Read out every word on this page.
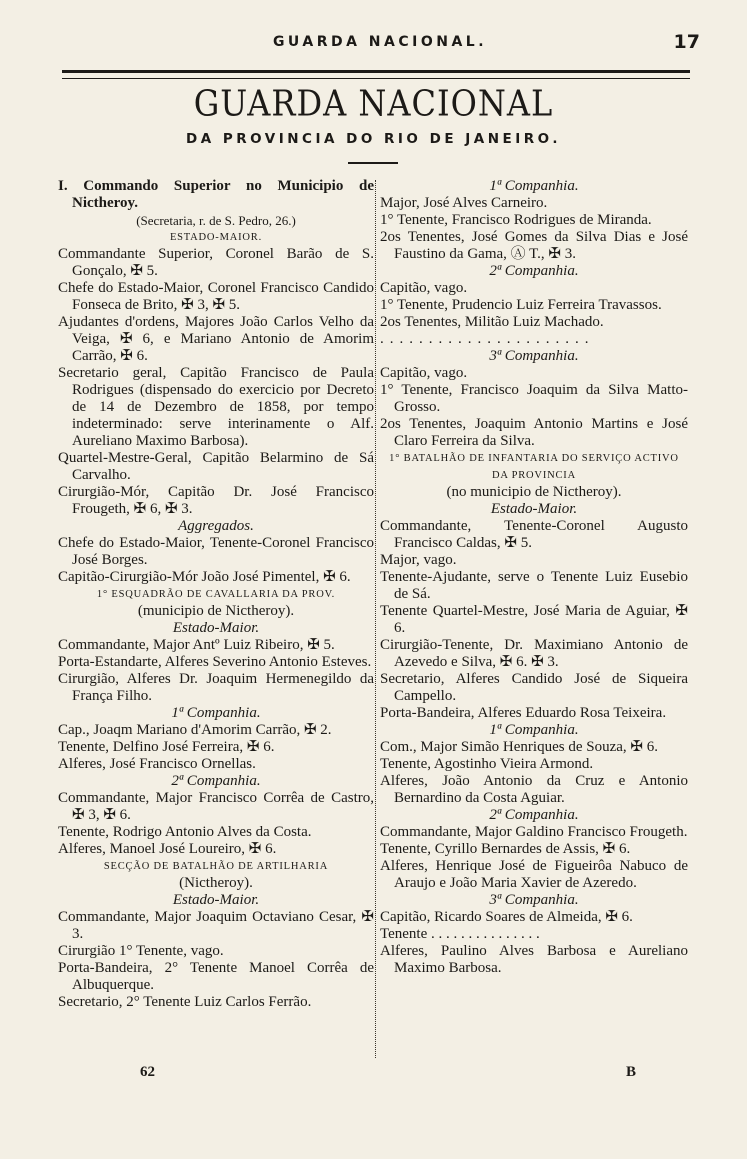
GUARDA NACIONAL.	17
GUARDA NACIONAL
DA PROVINCIA DO RIO DE JANEIRO.

I. Commando Superior no Municipio de Nictheroy.

(Secretaria, r. de S. Pedro, 26.)

ESTADO-MAIOR.

Commandante Superior, Coronel Barão de S. Gonçalo, ✠ 5.

Chefe do Estado-Maior, Coronel Francisco Candido Fonseca de Brito, ✠ 3, ✠ 5.

Ajudantes d'ordens, Majores João Carlos Velho da Veiga, ✠ 6, e Mariano Antonio de Amorim Carrão, ✠ 6.

Secretario geral, Capitão Francisco de Paula Rodrigues (dispensado do exercicio por Decreto de 14 de Dezembro de 1858, por tempo indeterminado: serve interinamente o Alf. Aureliano Maximo Barbosa).

Quartel-Mestre-Geral, Capitão Belarmino de Sá Carvalho.

Cirurgião-Mór, Capitão Dr. José Francisco Frougeth, ✠ 6, ✠ 3.

Aggregados.

Chefe do Estado-Maior, Tenente-Coronel Francisco José Borges.

Capitão-Cirurgião-Mór João José Pimentel, ✠ 6.

1° ESQUADRÃO DE CAVALLARIA DA PROV.

(municipio de Nictheroy).

Estado-Maior.

Commandante, Major Antº Luiz Ribeiro, ✠ 5.

Porta-Estandarte, Alferes Severino Antonio Esteves.

Cirurgião, Alferes Dr. Joaquim Hermenegildo da França Filho.

1ª Companhia.

Cap., Joaqm Mariano d'Amorim Carrão, ✠ 2.

Tenente, Delfino José Ferreira, ✠ 6.

Alferes, José Francisco Ornellas.

2ª Companhia.

Commandante, Major Francisco Corrêa de Castro, ✠ 3, ✠ 6.

Tenente, Rodrigo Antonio Alves da Costa.

Alferes, Manoel José Loureiro, ✠ 6.

SECÇÃO DE BATALHÃO DE ARTILHARIA

(Nictheroy).

Estado-Maior.

Commandante, Major Joaquim Octaviano Cesar, ✠ 3.

Cirurgião 1° Tenente, vago.

Porta-Bandeira, 2° Tenente Manoel Corrêa de Albuquerque.

Secretario, 2° Tenente Luiz Carlos Ferrão.

1ª Companhia.

Major, José Alves Carneiro.

1° Tenente, Francisco Rodrigues de Miranda.

2os Tenentes, José Gomes da Silva Dias e José Faustino da Gama, Ⓐ T., ✠ 3.

2ª Companhia.

Capitão, vago.

1° Tenente, Prudencio Luiz Ferreira Travassos.

2os Tenentes, Militão Luiz Machado.

......................

3ª Companhia.

Capitão, vago.

1° Tenente, Francisco Joaquim da Silva Matto-Grosso.

2os Tenentes, Joaquim Antonio Martins e José Claro Ferreira da Silva.

1° BATALHÃO DE INFANTARIA DO SERVIÇO ACTIVO DA PROVINCIA

(no municipio de Nictheroy).

Estado-Maior.

Commandante, Tenente-Coronel Augusto Francisco Caldas, ✠ 5.

Major, vago.

Tenente-Ajudante, serve o Tenente Luiz Eusebio de Sá.

Tenente Quartel-Mestre, José Maria de Aguiar, ✠ 6.

Cirurgião-Tenente, Dr. Maximiano Antonio de Azevedo e Silva, ✠ 6. ✠ 3.

Secretario, Alferes Candido José de Siqueira Campello.

Porta-Bandeira, Alferes Eduardo Rosa Teixeira.

1ª Companhia.

Com., Major Simão Henriques de Souza, ✠ 6.

Tenente, Agostinho Vieira Armond.

Alferes, João Antonio da Cruz e Antonio Bernardino da Costa Aguiar.

2ª Companhia.

Commandante, Major Galdino Francisco Frougeth.

Tenente, Cyrillo Bernardes de Assis, ✠ 6.

Alferes, Henrique José de Figueirôa Nabuco de Araujo e João Maria Xavier de Azeredo.

3ª Companhia.

Capitão, Ricardo Soares de Almeida, ✠ 6.

Tenente . . . . . . . . . . . . . . .

Alferes, Paulino Alves Barbosa e Aureliano Maximo Barbosa.

62	B
